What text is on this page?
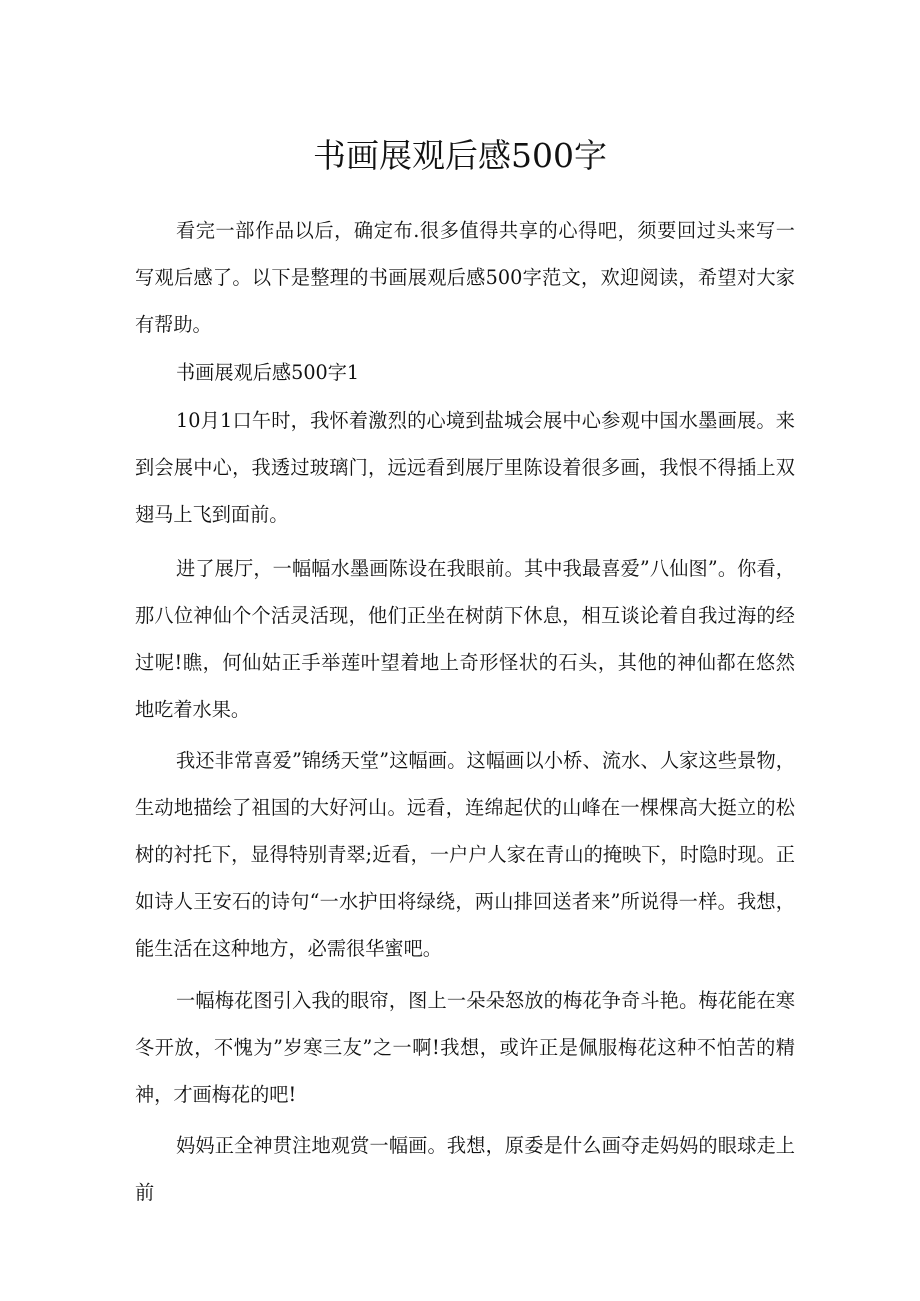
书画展观后感500字

看完一部作品以后，确定布.很多值得共享的心得吧，须要回过头来写一写观后感了。以下是整理的书画展观后感500字范文，欢迎阅读，希望对大家有帮助。

书画展观后感500字1

10月1口午时，我怀着激烈的心境到盐城会展中心参观中国水墨画展。来到会展中心，我透过玻璃门，远远看到展厅里陈设着很多画，我恨不得插上双翅马上飞到面前。

进了展厅，一幅幅水墨画陈设在我眼前。其中我最喜爱”八仙图”。你看，那八位神仙个个活灵活现，他们正坐在树荫下休息，相互谈论着自我过海的经过呢!瞧，何仙姑正手举莲叶望着地上奇形怪状的石头，其他的神仙都在悠然地吃着水果。

我还非常喜爱”锦绣天堂”这幅画。这幅画以小桥、流水、人家这些景物，生动地描绘了祖国的大好河山。远看，连绵起伏的山峰在一棵棵高大挺立的松树的衬托下，显得特别青翠;近看，一户户人家在青山的掩映下，时隐时现。正如诗人王安石的诗句“一水护田将绿绕，两山排回送者来”所说得一样。我想，能生活在这种地方，必需很华蜜吧。

一幅梅花图引入我的眼帘，图上一朵朵怒放的梅花争奇斗艳。梅花能在寒冬开放，不愧为”岁寒三友”之一啊!我想，或许正是佩服梅花这种不怕苦的精神，才画梅花的吧!

妈妈正全神贯注地观赏一幅画。我想，原委是什么画夺走妈妈的眼球走上前
